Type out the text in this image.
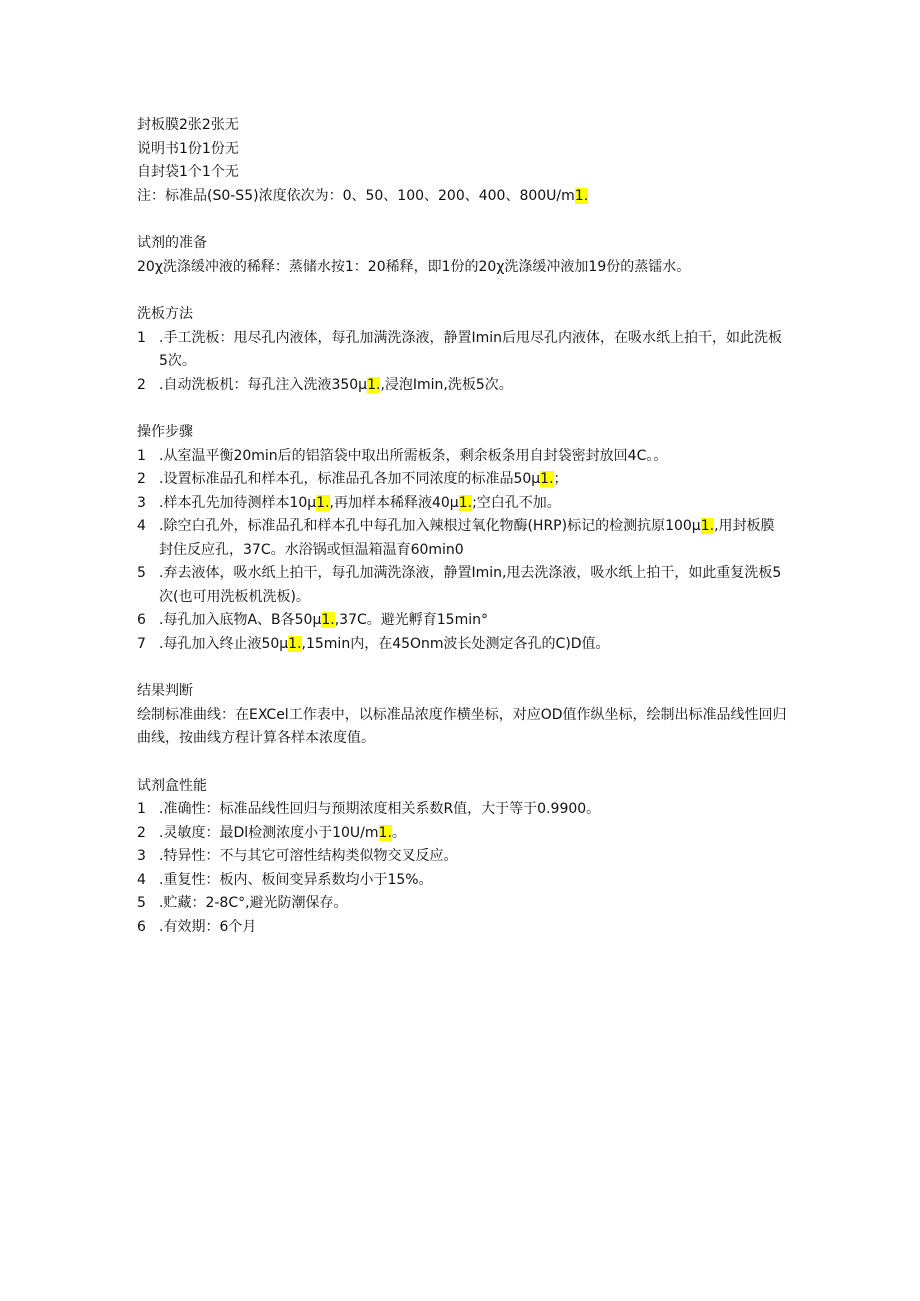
封板膜2张2张无
说明书1份1份无
自封袋1个1个无
注：标准品(S0-S5)浓度依次为：0、50、100、200、400、800U/m1.
试剂的准备
20χ洗涤缓冲液的稀释：蒸储水按1：20稀释，即1份的20χ洗涤缓冲液加19份的蒸镭水。
洗板方法
1 .手工洗板：甩尽孔内液体，每孔加满洗涤液，静置Imin后甩尽孔内液体，在吸水纸上拍干，如此洗板5次。
2 .自动洗板机：每孔注入洗液350μ1.,浸泡Imin,洗板5次。
操作步骤
1 .从室温平衡20min后的铝箔袋中取出所需板条，剩余板条用自封袋密封放回4C。。
2 .设置标准品孔和样本孔，标准品孔各加不同浓度的标准品50μ1.；
3 .样本孔先加待测样本10μ1.,再加样本稀释液40μ1.;空白孔不加。
4 .除空白孔外，标准品孔和样本孔中每孔加入辣根过氧化物酶(HRP)标记的检测抗原100μ1.,用封板膜封住反应孔，37C。水浴锅或恒温箱温育60min0
5 .弃去液体，吸水纸上拍干，每孔加满洗涤液，静置Imin,甩去洗涤液，吸水纸上拍干，如此重复洗板5次(也可用洗板机洗板)。
6 .每孔加入底物A、B各50μ1.,37C。避光孵育15min°
7 .每孔加入终止液50μ1.,15min内，在45Onm波长处测定各孔的C)D值。
结果判断
绘制标准曲线：在EXCel工作表中，以标准品浓度作横坐标，对应OD值作纵坐标，绘制出标准品线性回归曲线，按曲线方程计算各样本浓度值。
试剂盒性能
1 .准确性：标准品线性回归与预期浓度相关系数R值，大于等于0.9900。
2 .灵敏度：最Dl检测浓度小于10U/m1.。
3 .特异性：不与其它可溶性结构类似物交叉反应。
4 .重复性：板内、板间变异系数均小于15%。
5 .贮藏：2-8C°,避光防潮保存。
6 .有效期：6个月
